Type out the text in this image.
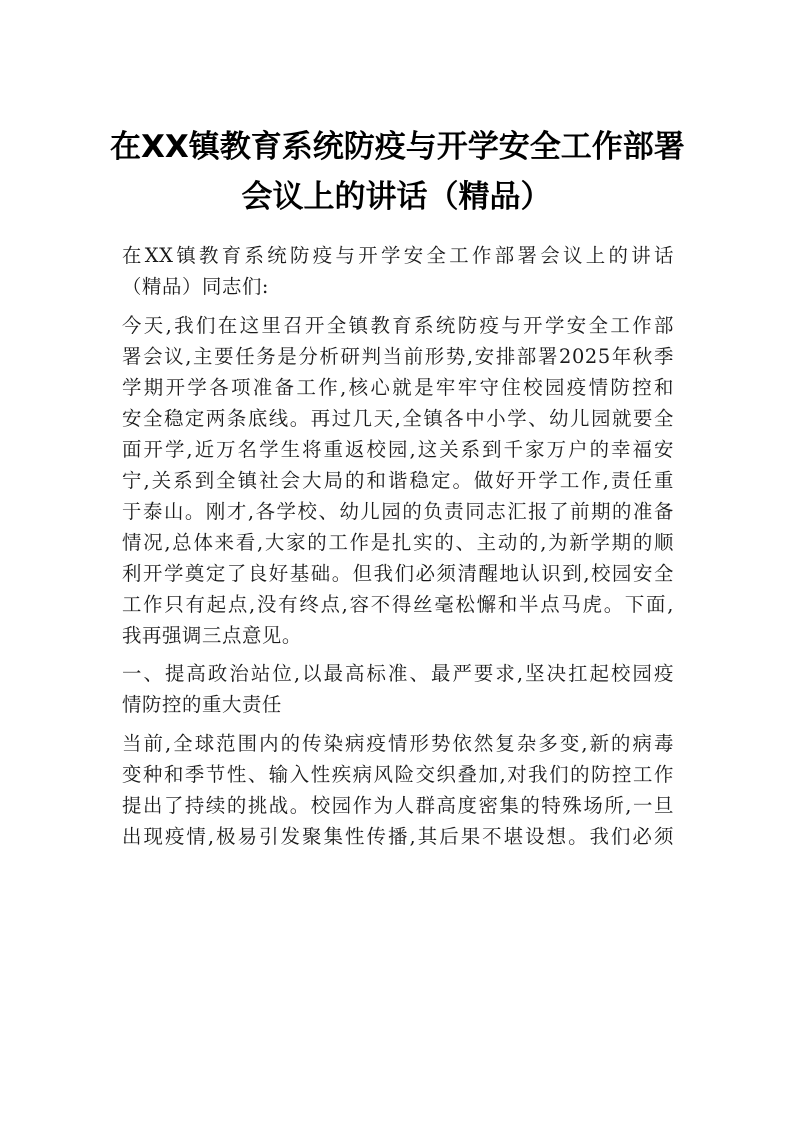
在XX镇教育系统防疫与开学安全工作部署
会议上的讲话（精品）
在XX镇教育系统防疫与开学安全工作部署会议上的讲话
（精品）同志们:
今天,我们在这里召开全镇教育系统防疫与开学安全工作部
署会议,主要任务是分析研判当前形势,安排部署2025年秋季
学期开学各项准备工作,核心就是牢牢守住校园疫情防控和
安全稳定两条底线。再过几天,全镇各中小学、幼儿园就要全
面开学,近万名学生将重返校园,这关系到千家万户的幸福安
宁,关系到全镇社会大局的和谐稳定。做好开学工作,责任重
于泰山。刚才,各学校、幼儿园的负责同志汇报了前期的准备
情况,总体来看,大家的工作是扎实的、主动的,为新学期的顺
利开学奠定了良好基础。但我们必须清醒地认识到,校园安全
工作只有起点,没有终点,容不得丝毫松懈和半点马虎。下面,
我再强调三点意见。
一、提高政治站位,以最高标准、最严要求,坚决扛起校园疫
情防控的重大责任
当前,全球范围内的传染病疫情形势依然复杂多变,新的病毒
变种和季节性、输入性疾病风险交织叠加,对我们的防控工作
提出了持续的挑战。校园作为人群高度密集的特殊场所,一旦
出现疫情,极易引发聚集性传播,其后果不堪设想。我们必须
